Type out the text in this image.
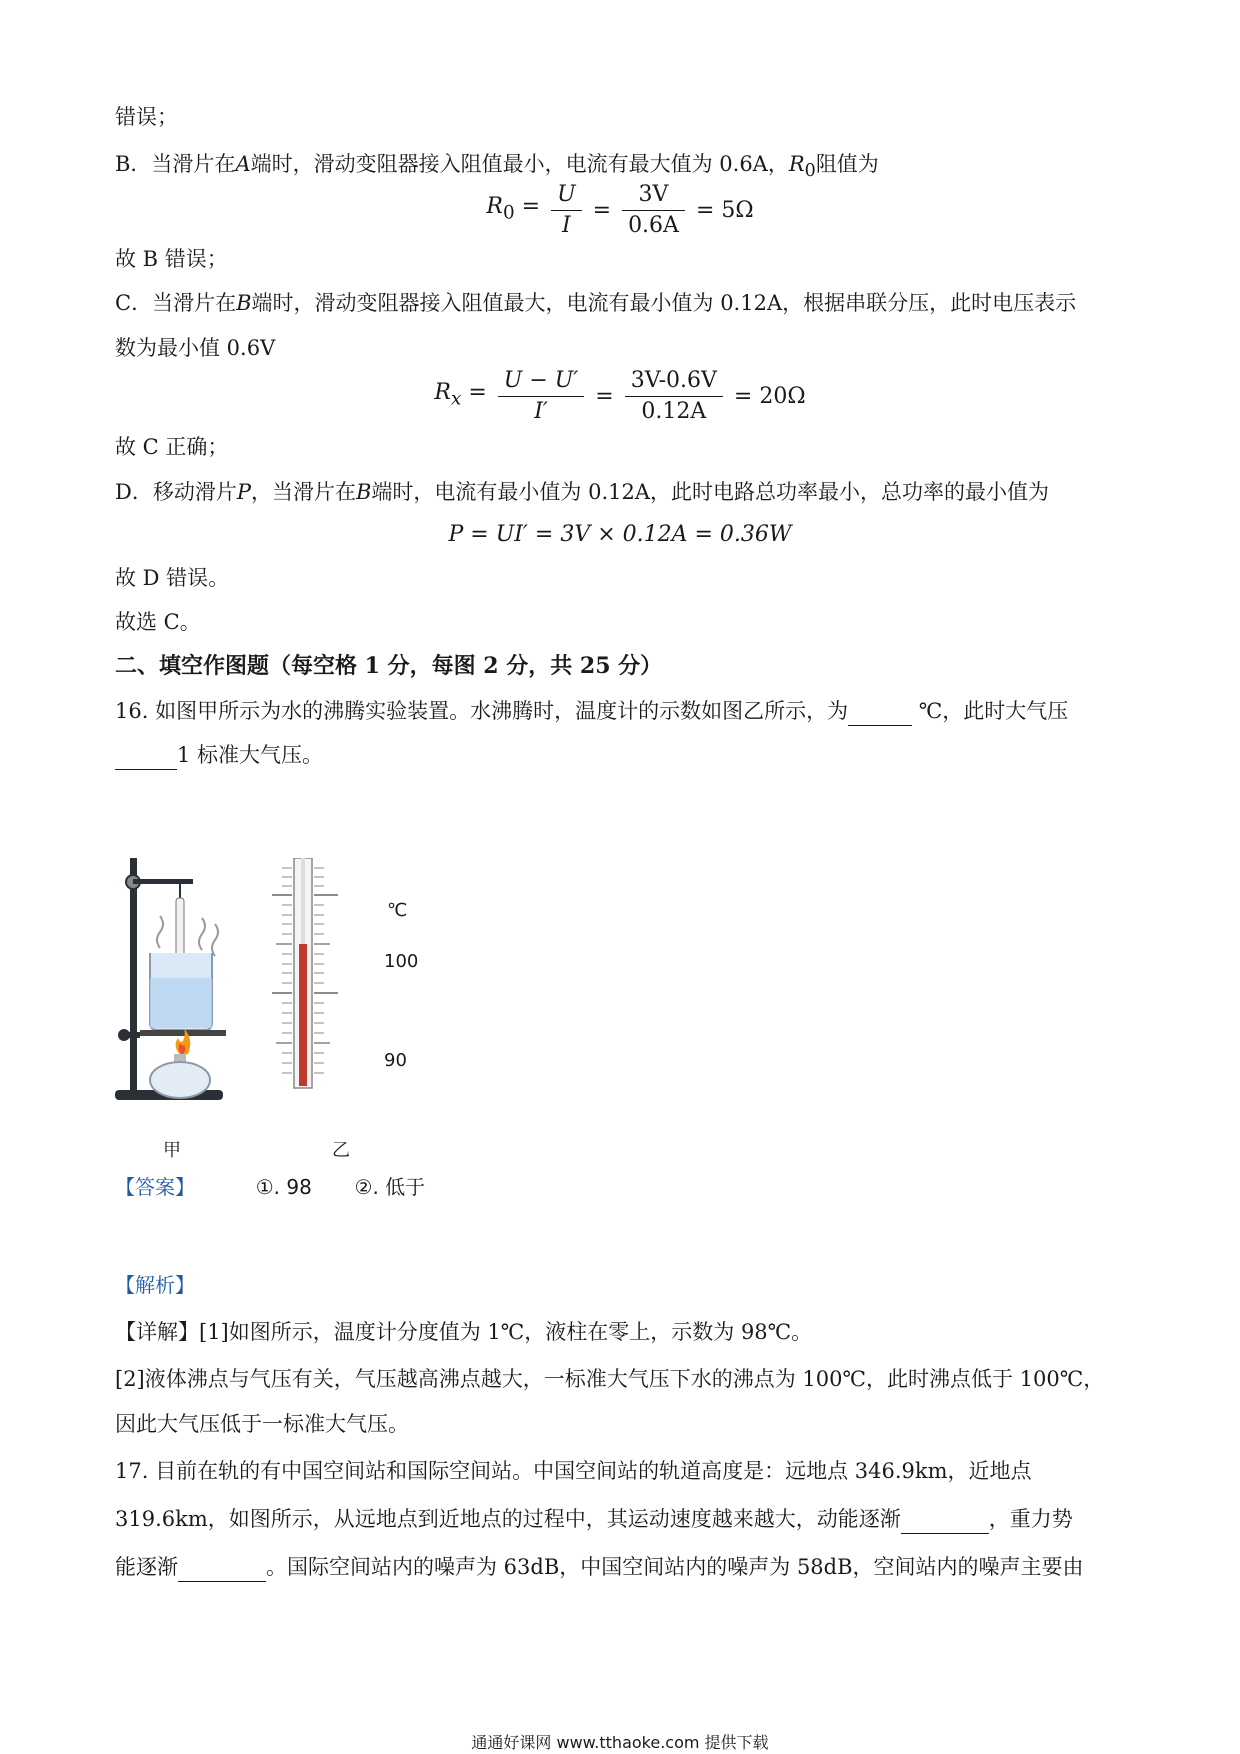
错误；
B．当滑片在A端时，滑动变阻器接入阻值最小，电流有最大值为 0.6A，$R_0$阻值为
$R_0 = \frac{U}{I} = \frac{3V}{0.6A} = 5\Omega$
故 B 错误；
C．当滑片在B端时，滑动变阻器接入阻值最大，电流有最小值为 0.12A，根据串联分压，此时电压表示
数为最小值 0.6V
$R_x = \frac{U - U'}{I'} = \frac{3V-0.6V}{0.12A} = 20\Omega$
故 C 正确；
D．移动滑片P，当滑片在B端时，电流有最小值为 0.12A，此时电路总功率最小，总功率的最小值为
P = UI′ = 3V × 0.12A = 0.36W
故 D 错误。
故选 C。
二、填空作图题（每空格 1 分，每图 2 分，共 25 分）
16. 如图甲所示为水的沸腾实验装置。水沸腾时，温度计的示数如图乙所示，为	℃，此时大气压
1 标准大气压。
℃
100
90
甲	乙
【答案】	①. 98 ②. 低于
【解析】
【详解】[1]如图所示，温度计分度值为 1℃，液柱在零上，示数为 98℃。
[2]液体沸点与气压有关，气压越高沸点越大，一标准大气压下水的沸点为 100℃，此时沸点低于 100℃，
因此大气压低于一标准大气压。
17. 目前在轨的有中国空间站和国际空间站。中国空间站的轨道高度是：远地点 346.9km，近地点
319.6km，如图所示，从远地点到近地点的过程中，其运动速度越来越大，动能逐渐	，重力势
能逐渐	。国际空间站内的噪声为 63dB，中国空间站内的噪声为 58dB，空间站内的噪声主要由
通通好课网 www.tthaoke.com 提供下载
